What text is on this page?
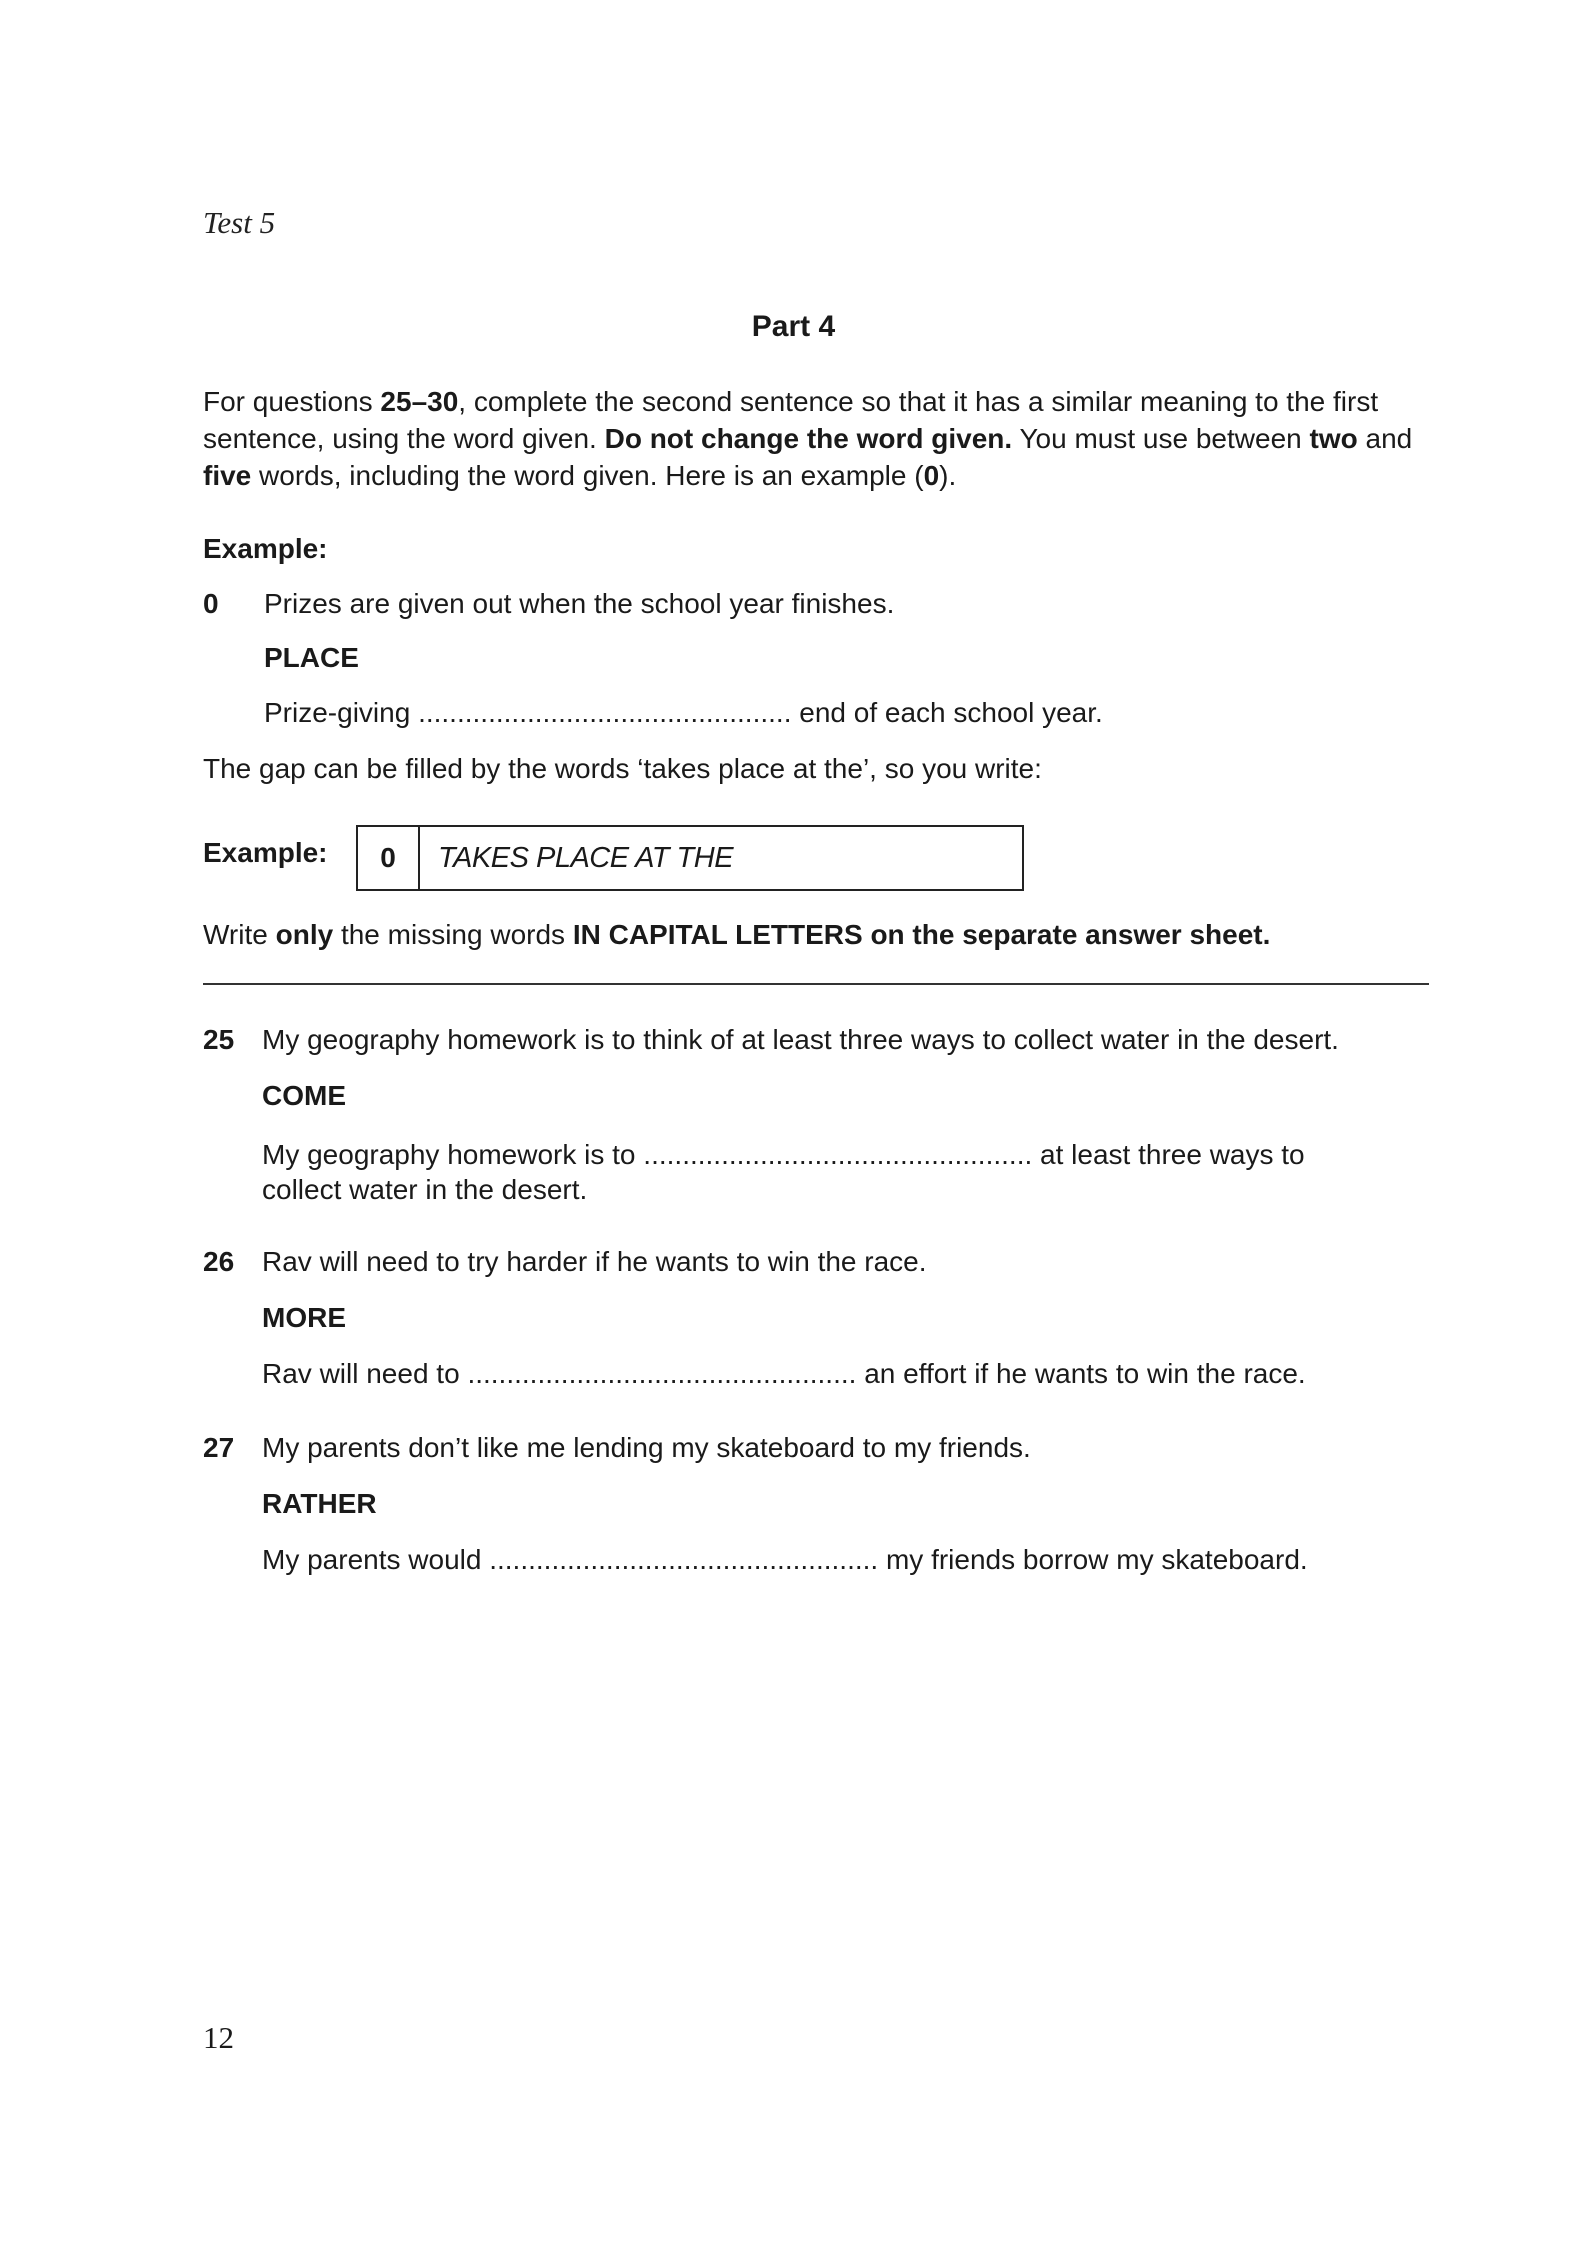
Test 5
Part 4
For questions 25–30, complete the second sentence so that it has a similar meaning to the first sentence, using the word given. Do not change the word given. You must use between two and five words, including the word given. Here is an example (0).
Example:
0 Prizes are given out when the school year finishes.
PLACE
Prize-giving ................................................ end of each school year.
The gap can be filled by the words ‘takes place at the’, so you write:
Example:	0	TAKES PLACE AT THE
Write only the missing words IN CAPITAL LETTERS on the separate answer sheet.
25 My geography homework is to think of at least three ways to collect water in the desert.
COME
My geography homework is to .................................................. at least three ways to
collect water in the desert.
26 Rav will need to try harder if he wants to win the race.
MORE
Rav will need to .................................................. an effort if he wants to win the race.
27 My parents don’t like me lending my skateboard to my friends.
RATHER
My parents would .................................................. my friends borrow my skateboard.
12
